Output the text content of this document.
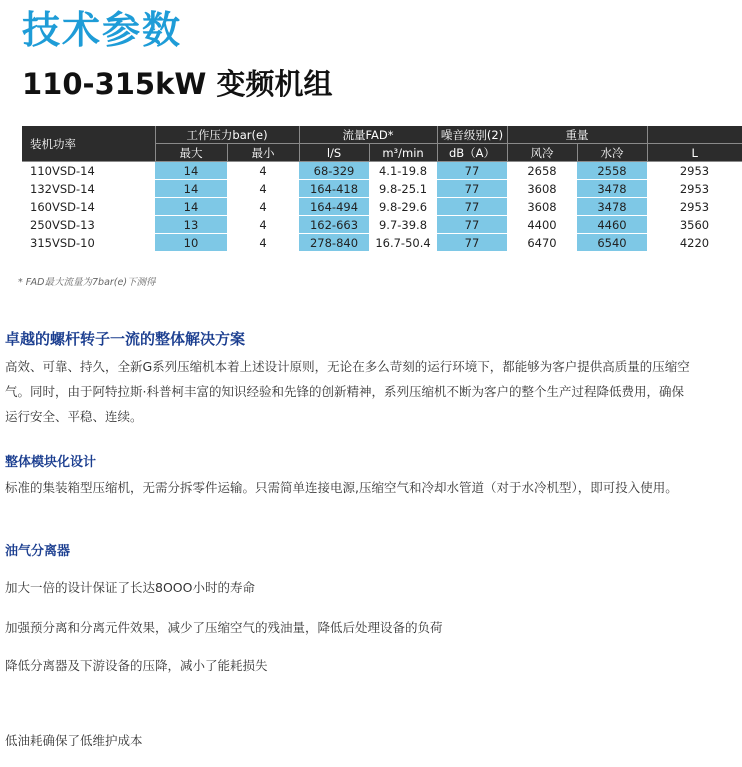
技术参数
110-315kW 变频机组
装机功率	工作压力bar(e)		流量FAD*		噪音级别(2)	重量		
	最大	最小	l/S	m³/min	dB（A）	风冷	水冷	L
110VSD-14	14	4	68-329	4.1-19.8	77	2658	2558	2953
132VSD-14	14	4	164-418	9.8-25.1	77	3608	3478	2953
160VSD-14	14	4	164-494	9.8-29.6	77	3608	3478	2953
250VSD-13	13	4	162-663	9.7-39.8	77	4400	4460	3560
315VSD-10	10	4	278-840	16.7-50.4	77	6470	6540	4220

* FAD最大流量为7bar(e)下测得

卓越的螺杆转子一流的整体解决方案

高效、可靠、持久，全新G系列压缩机本着上述设计原则，无论在多么苛刻的运行环境下，都能够为客户提供高质量的压缩空气。同时，由于阿特拉斯·科普柯丰富的知识经验和先锋的创新精神，系列压缩机不断为客户的整个生产过程降低费用，确保运行安全、平稳、连续。

整体模块化设计

标准的集装箱型压缩机，无需分拆零件运输。只需简单连接电源,压缩空气和冷却水管道（对于水冷机型），即可投入使用。

油气分离器

加大一倍的设计保证了长达8OOO小时的寿命

加强预分离和分离元件效果，减少了压缩空气的残油量，降低后处理设备的负荷

降低分离器及下游设备的压降，减小了能耗损失

低油耗确保了低维护成本
